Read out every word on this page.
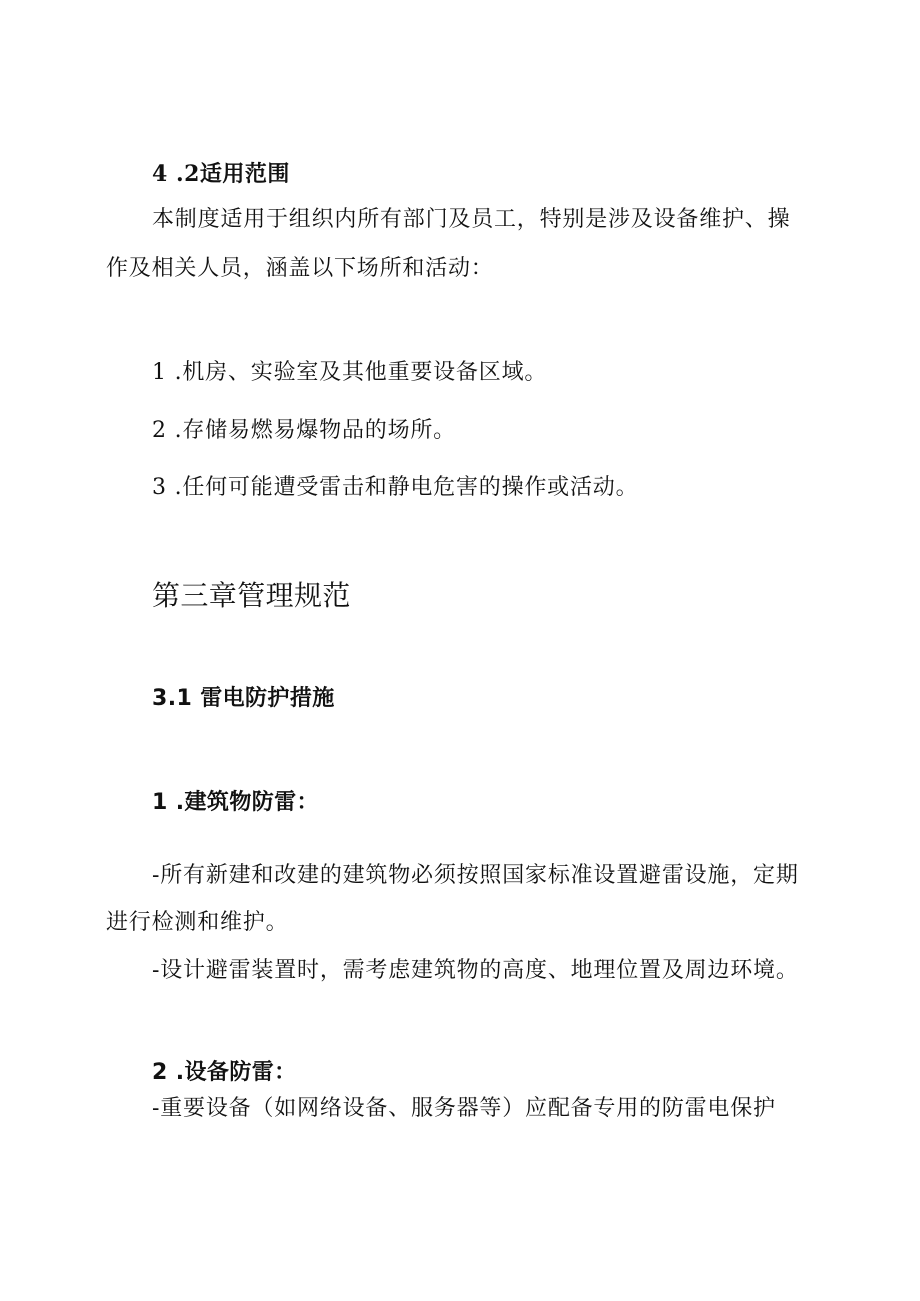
4 .2适用范围
本制度适用于组织内所有部门及员工，特别是涉及设备维护、操
作及相关人员，涵盖以下场所和活动：
1 .机房、实验室及其他重要设备区域。
2 .存储易燃易爆物品的场所。
3 .任何可能遭受雷击和静电危害的操作或活动。
第三章管理规范
3.1 雷电防护措施
1 .建筑物防雷：
-所有新建和改建的建筑物必须按照国家标准设置避雷设施，定期
进行检测和维护。
-设计避雷装置时，需考虑建筑物的高度、地理位置及周边环境。
2 .设备防雷：
-重要设备（如网络设备、服务器等）应配备专用的防雷电保护
